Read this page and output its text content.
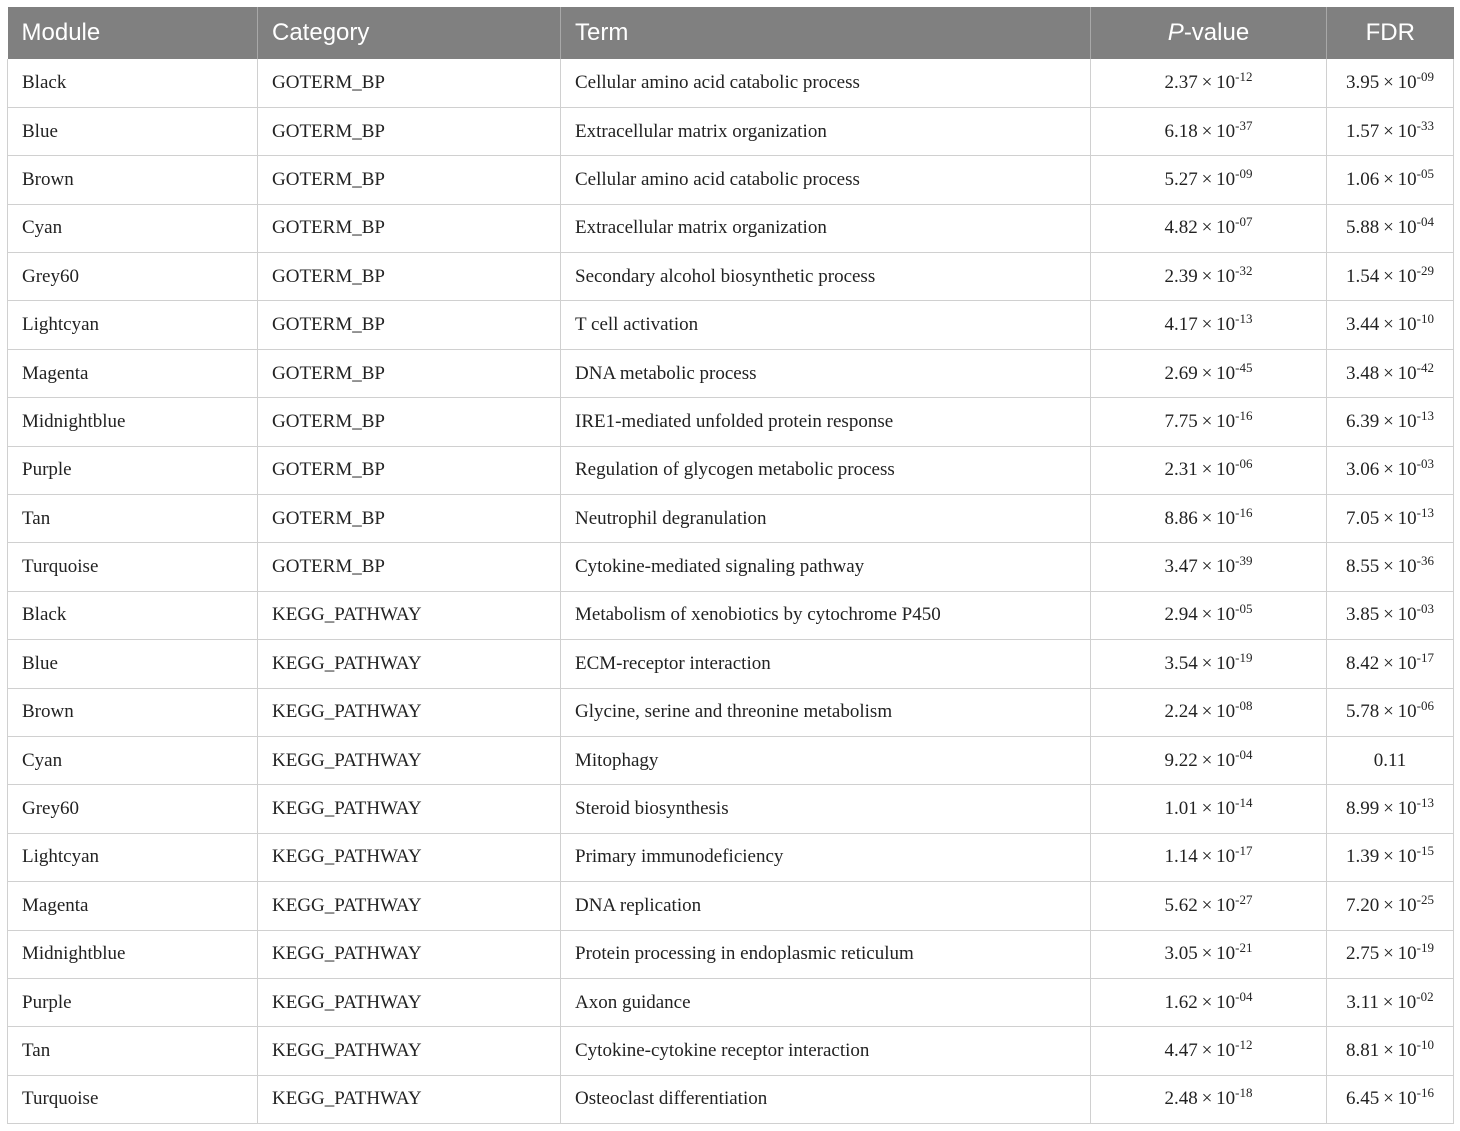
Module	Category	Term	P-value	FDR
Black	GOTERM_BP	Cellular amino acid catabolic process	$2.37 \times 10^{-12}$	$3.95 \times 10^{-09}$
Blue	GOTERM_BP	Extracellular matrix organization	$6.18 \times 10^{-37}$	$1.57 \times 10^{-33}$
Brown	GOTERM_BP	Cellular amino acid catabolic process	$5.27 \times 10^{-09}$	$1.06 \times 10^{-05}$
Cyan	GOTERM_BP	Extracellular matrix organization	$4.82 \times 10^{-07}$	$5.88 \times 10^{-04}$
Grey60	GOTERM_BP	Secondary alcohol biosynthetic process	$2.39 \times 10^{-32}$	$1.54 \times 10^{-29}$
Lightcyan	GOTERM_BP	T cell activation	$4.17 \times 10^{-13}$	$3.44 \times 10^{-10}$
Magenta	GOTERM_BP	DNA metabolic process	$2.69 \times 10^{-45}$	$3.48 \times 10^{-42}$
Midnightblue	GOTERM_BP	IRE1-mediated unfolded protein response	$7.75 \times 10^{-16}$	$6.39 \times 10^{-13}$
Purple	GOTERM_BP	Regulation of glycogen metabolic process	$2.31 \times 10^{-06}$	$3.06 \times 10^{-03}$
Tan	GOTERM_BP	Neutrophil degranulation	$8.86 \times 10^{-16}$	$7.05 \times 10^{-13}$
Turquoise	GOTERM_BP	Cytokine-mediated signaling pathway	$3.47 \times 10^{-39}$	$8.55 \times 10^{-36}$
Black	KEGG_PATHWAY	Metabolism of xenobiotics by cytochrome P450	$2.94 \times 10^{-05}$	$3.85 \times 10^{-03}$
Blue	KEGG_PATHWAY	ECM-receptor interaction	$3.54 \times 10^{-19}$	$8.42 \times 10^{-17}$
Brown	KEGG_PATHWAY	Glycine, serine and threonine metabolism	$2.24 \times 10^{-08}$	$5.78 \times 10^{-06}$
Cyan	KEGG_PATHWAY	Mitophagy	$9.22 \times 10^{-04}$	0.11
Grey60	KEGG_PATHWAY	Steroid biosynthesis	$1.01 \times 10^{-14}$	$8.99 \times 10^{-13}$
Lightcyan	KEGG_PATHWAY	Primary immunodeficiency	$1.14 \times 10^{-17}$	$1.39 \times 10^{-15}$
Magenta	KEGG_PATHWAY	DNA replication	$5.62 \times 10^{-27}$	$7.20 \times 10^{-25}$
Midnightblue	KEGG_PATHWAY	Protein processing in endoplasmic reticulum	$3.05 \times 10^{-21}$	$2.75 \times 10^{-19}$
Purple	KEGG_PATHWAY	Axon guidance	$1.62 \times 10^{-04}$	$3.11 \times 10^{-02}$
Tan	KEGG_PATHWAY	Cytokine-cytokine receptor interaction	$4.47 \times 10^{-12}$	$8.81 \times 10^{-10}$
Turquoise	KEGG_PATHWAY	Osteoclast differentiation	$2.48 \times 10^{-18}$	$6.45 \times 10^{-16}$
